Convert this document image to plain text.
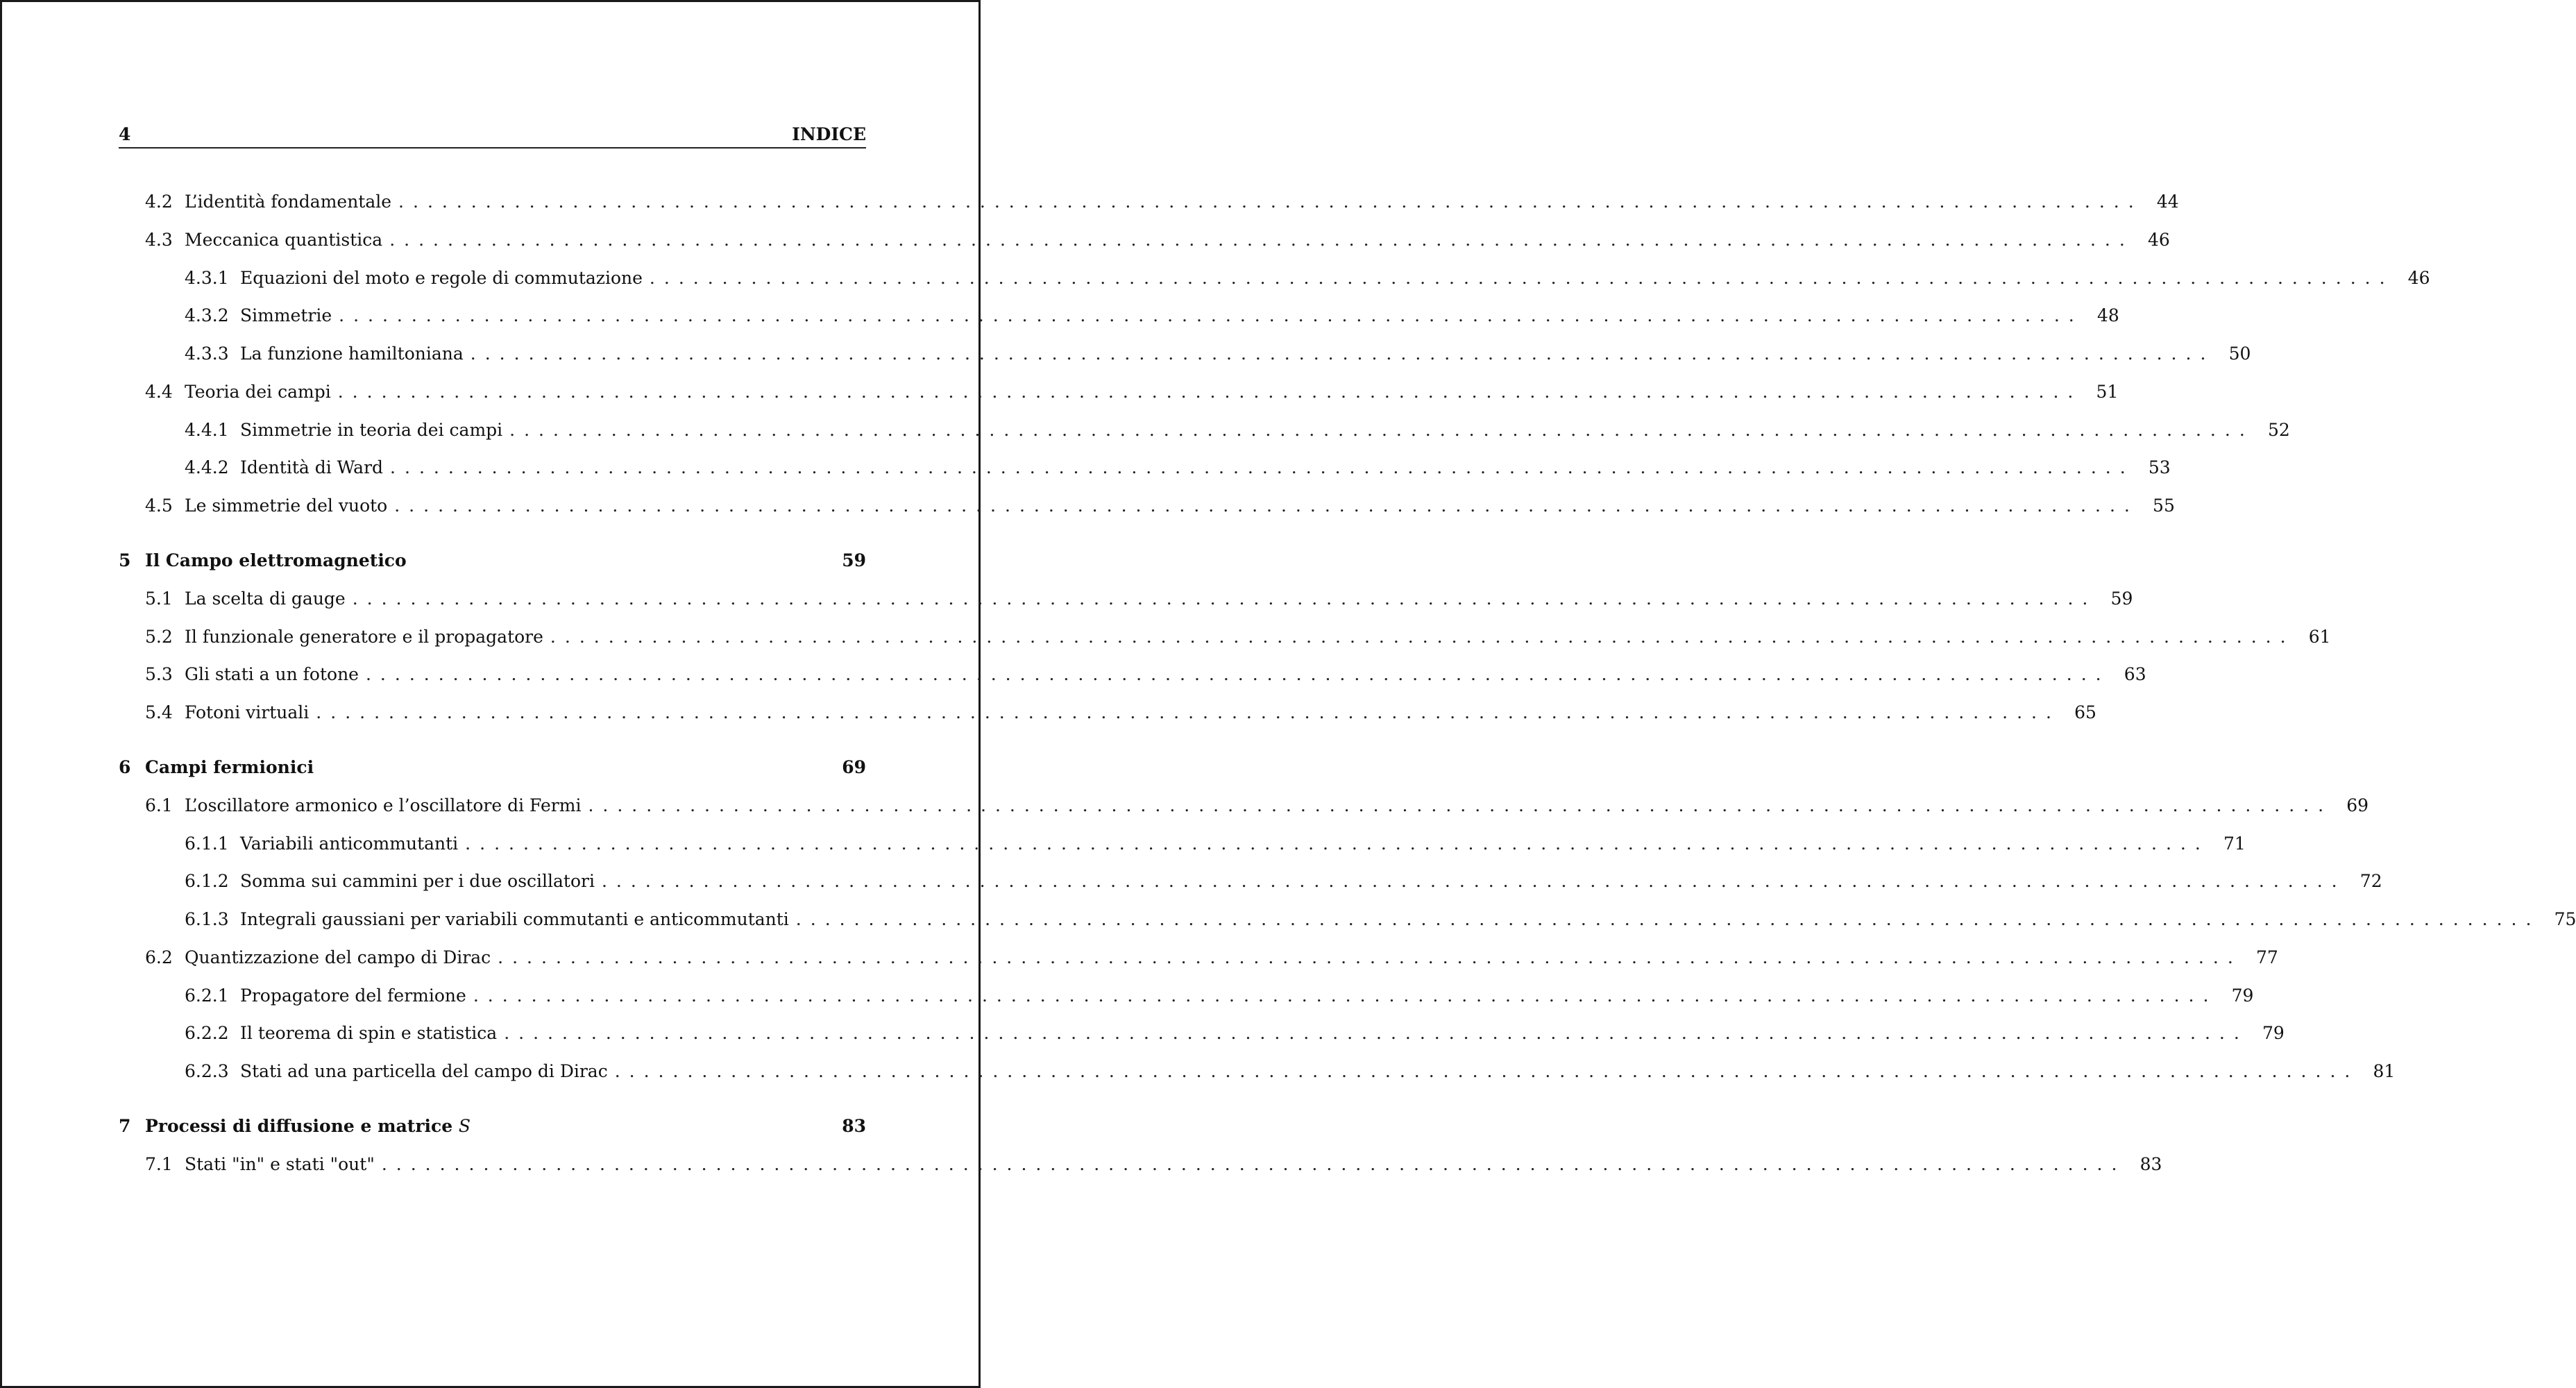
4	INDICE
4.2 L’identità fondamentale ........................................................................................................................ 44
4.3 Meccanica quantistica ........................................................................................................................ 46
4.3.1 Equazioni del moto e regole di commutazione ........................................................................................................................ 46
4.3.2 Simmetrie ........................................................................................................................ 48
4.3.3 La funzione hamiltoniana ........................................................................................................................ 50
4.4 Teoria dei campi ........................................................................................................................ 51
4.4.1 Simmetrie in teoria dei campi ........................................................................................................................ 52
4.4.2 Identità di Ward ........................................................................................................................ 53
4.5 Le simmetrie del vuoto ........................................................................................................................ 55
5 Il Campo elettromagnetico	59
5.1 La scelta di gauge ........................................................................................................................ 59
5.2 Il funzionale generatore e il propagatore ........................................................................................................................ 61
5.3 Gli stati a un fotone ........................................................................................................................ 63
5.4 Fotoni virtuali ........................................................................................................................ 65
6 Campi fermionici	69
6.1 L’oscillatore armonico e l’oscillatore di Fermi ........................................................................................................................ 69
6.1.1 Variabili anticommutanti ........................................................................................................................ 71
6.1.2 Somma sui cammini per i due oscillatori ........................................................................................................................ 72
6.1.3 Integrali gaussiani per variabili commutanti e anticommutanti ........................................................................................................................ 75
6.2 Quantizzazione del campo di Dirac ........................................................................................................................ 77
6.2.1 Propagatore del fermione ........................................................................................................................ 79
6.2.2 Il teorema di spin e statistica ........................................................................................................................ 79
6.2.3 Stati ad una particella del campo di Dirac ........................................................................................................................ 81
7 Processi di diffusione e matrice S	83
7.1 Stati "in" e stati "out" ........................................................................................................................ 83
